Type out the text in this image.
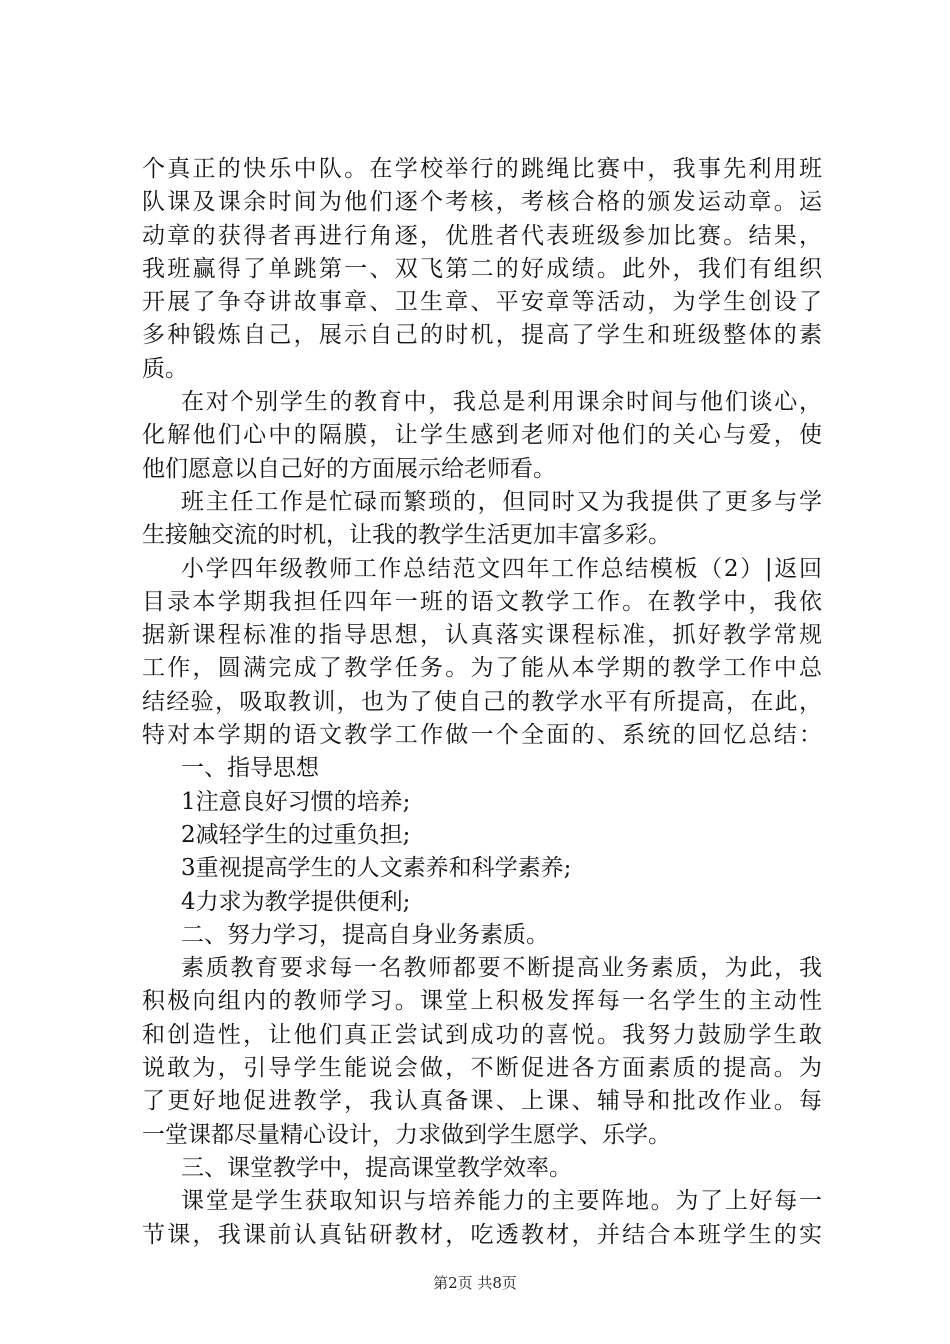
个真正的快乐中队。在学校举行的跳绳比赛中，我事先利用班
队课及课余时间为他们逐个考核，考核合格的颁发运动章。运
动章的获得者再进行角逐，优胜者代表班级参加比赛。结果，
我班赢得了单跳第一、双飞第二的好成绩。此外，我们有组织
开展了争夺讲故事章、卫生章、平安章等活动，为学生创设了
多种锻炼自己，展示自己的时机，提高了学生和班级整体的素
质。
在对个别学生的教育中，我总是利用课余时间与他们谈心，
化解他们心中的隔膜，让学生感到老师对他们的关心与爱，使
他们愿意以自己好的方面展示给老师看。
班主任工作是忙碌而繁琐的，但同时又为我提供了更多与学
生接触交流的时机，让我的教学生活更加丰富多彩。
小学四年级教师工作总结范文四年工作总结模板（2）|返回
目录本学期我担任四年一班的语文教学工作。在教学中，我依
据新课程标准的指导思想，认真落实课程标准，抓好教学常规
工作，圆满完成了教学任务。为了能从本学期的教学工作中总
结经验，吸取教训，也为了使自己的教学水平有所提高，在此，
特对本学期的语文教学工作做一个全面的、系统的回忆总结：
一、指导思想
1注意良好习惯的培养;
2减轻学生的过重负担;
3重视提高学生的人文素养和科学素养;
4力求为教学提供便利;
二、努力学习，提高自身业务素质。
素质教育要求每一名教师都要不断提高业务素质，为此，我
积极向组内的教师学习。课堂上积极发挥每一名学生的主动性
和创造性，让他们真正尝试到成功的喜悦。我努力鼓励学生敢
说敢为，引导学生能说会做，不断促进各方面素质的提高。为
了更好地促进教学，我认真备课、上课、辅导和批改作业。每
一堂课都尽量精心设计，力求做到学生愿学、乐学。
三、课堂教学中，提高课堂教学效率。
课堂是学生获取知识与培养能力的主要阵地。为了上好每一
节课，我课前认真钻研教材，吃透教材，并结合本班学生的实
第2页 共8页
